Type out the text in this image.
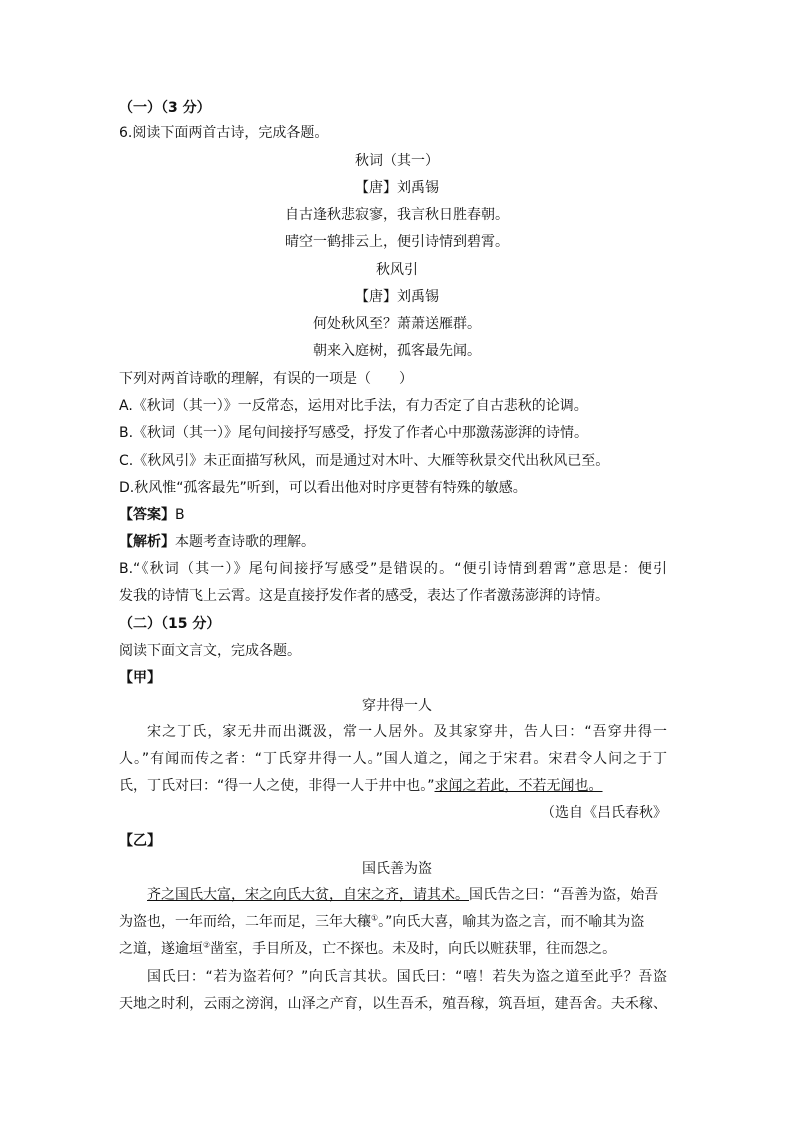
（一）（3 分）
6.阅读下面两首古诗，完成各题。
秋词（其一）
【唐】刘禹锡
自古逢秋悲寂寥，我言秋日胜春朝。
晴空一鹤排云上，便引诗情到碧霄。
秋风引
【唐】刘禹锡
何处秋风至？萧萧送雁群。
朝来入庭树，孤客最先闻。
下列对两首诗歌的理解，有误的一项是（　　）
A.《秋词（其一）》一反常态，运用对比手法，有力否定了自古悲秋的论调。
B.《秋词（其一）》尾句间接抒写感受，抒发了作者心中那激荡澎湃的诗情。
C.《秋风引》未正面描写秋风，而是通过对木叶、大雁等秋景交代出秋风已至。
D.秋风惟“孤客最先”听到，可以看出他对时序更替有特殊的敏感。
【答案】B
【解析】本题考查诗歌的理解。
B.“《秋词（其一）》尾句间接抒写感受”是错误的。“便引诗情到碧霄”意思是：便引
发我的诗情飞上云霄。这是直接抒发作者的感受，表达了作者激荡澎湃的诗情。
（二）（15 分）
阅读下面文言文，完成各题。
【甲】
穿井得一人
宋之丁氏，家无井而出溉汲，常一人居外。及其家穿井，告人曰：“吾穿井得一
人。”有闻而传之者：“丁氏穿井得一人。”国人道之，闻之于宋君。宋君令人问之于丁
氏，丁氏对曰：“得一人之使，非得一人于井中也。”求闻之若此，不若无闻也。
（选自《吕氏春秋》
【乙】
国氏善为盗
齐之国氏大富，宋之向氏大贫，自宋之齐，请其术。国氏告之曰：“吾善为盗，始吾
为盗也，一年而给，二年而足，三年大穰①。”向氏大喜，喻其为盗之言，而不喻其为盗
之道，遂逾垣②凿室，手目所及，亡不探也。未及时，向氏以赃获罪，往而怨之。
国氏曰：“若为盗若何？”向氏言其状。国氏曰：“嘻！若失为盗之道至此乎？吾盗
天地之时利，云雨之滂润，山泽之产育，以生吾禾，殖吾稼，筑吾垣，建吾舍。夫禾稼、
